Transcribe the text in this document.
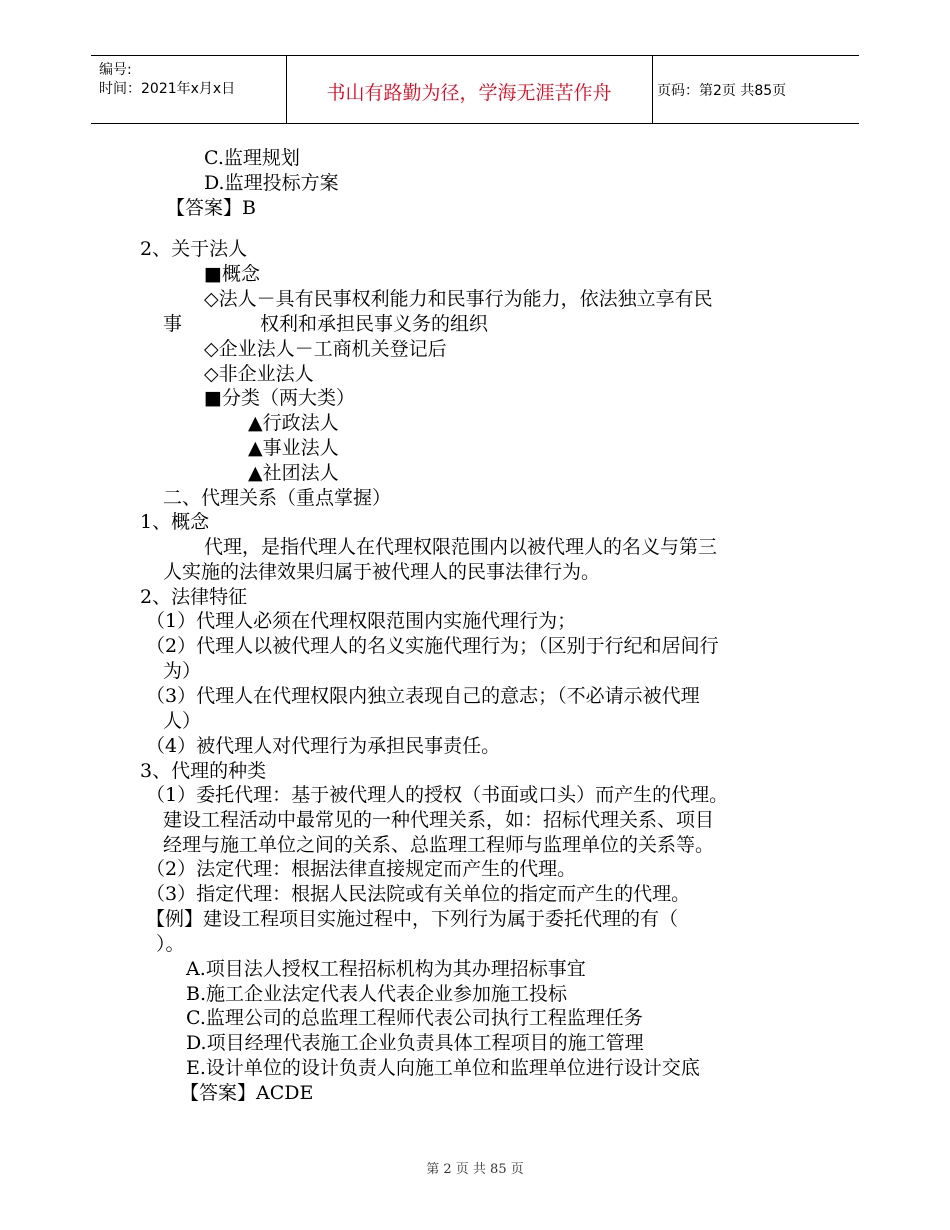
编号:
时间：2021年x月x日	书山有路勤为径，学海无涯苦作舟	页码：第2页 共85页
C.监理规划
D.监理投标方案
【答案】B
2、关于法人
■概念
◇法人－具有民事权利能力和民事行为能力，依法独立享有民
事	权利和承担民事义务的组织
◇企业法人－工商机关登记后
◇非企业法人
■分类（两大类）
▲行政法人
▲事业法人
▲社团法人
二、代理关系（重点掌握）
1、概念
代理，是指代理人在代理权限范围内以被代理人的名义与第三
人实施的法律效果归属于被代理人的民事法律行为。
2、法律特征
（1）代理人必须在代理权限范围内实施代理行为；
（2）代理人以被代理人的名义实施代理行为；（区别于行纪和居间行
为）
（3）代理人在代理权限内独立表现自己的意志；（不必请示被代理
人）
（4）被代理人对代理行为承担民事责任。
3、代理的种类
（1）委托代理：基于被代理人的授权（书面或口头）而产生的代理。
建设工程活动中最常见的一种代理关系，如：招标代理关系、项目
经理与施工单位之间的关系、总监理工程师与监理单位的关系等。
（2）法定代理：根据法律直接规定而产生的代理。
（3）指定代理：根据人民法院或有关单位的指定而产生的代理。
【例】建设工程项目实施过程中，下列行为属于委托代理的有（
）。
A.项目法人授权工程招标机构为其办理招标事宜
B.施工企业法定代表人代表企业参加施工投标
C.监理公司的总监理工程师代表公司执行工程监理任务
D.项目经理代表施工企业负责具体工程项目的施工管理
E.设计单位的设计负责人向施工单位和监理单位进行设计交底
【答案】ACDE
第 2 页 共 85 页
